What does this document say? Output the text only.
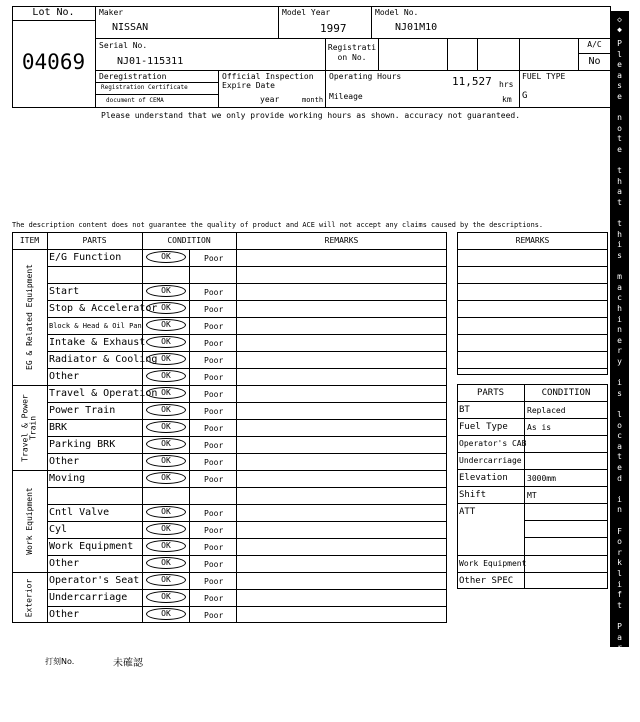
Lot No.
04069
Maker
NISSAN
Model Year
1997
Model No.
NJ01M10
Serial No.
NJ01-115311
Registrati
on No.
A/C
No
Deregistration
Registration Certificate
document of CEMA
Official Inspection
Expire Date
year	month
Operating Hours	11,527 hrs
Mileage	km
FUEL TYPE
G
Please understand that we only provide working hours as shown. accuracy not guaranteed.
The description content does not guarantee the quality of product and ACE will not accept any claims caused by the descriptions.
ITEM	PARTS	CONDITION	REMARKS
EG & Related Equipment
Travel & Power
Train
Work Equipment
Exterior
E/G Function	OK	Poor
Start	OK	Poor
Stop & Accelerator OK	Poor
Block & Head & Oil Pan	OK	Poor
Intake & Exhaust	OK	Poor
Radiator & Cooling OK	Poor
Other	OK	Poor
Travel & Operation OK	Poor
Power Train	OK	Poor
BRK	OK	Poor
Parking BRK	OK	Poor
Other	OK	Poor
Moving	OK	Poor
Cntl Valve	OK	Poor
Cyl	OK	Poor
Work Equipment	OK	Poor
Other	OK	Poor
Operator's Seat	OK	Poor
Undercarriage	OK	Poor
Other	OK	Poor
REMARKS
PARTS	CONDITION
BT	Replaced
Fuel Type As is
Operator's CAB
Undercarriage
Elevation 3000mm
Shift	MT
ATT
Work Equipment
Other SPEC
◇
◆
P
l
e
a
s
e
n
o
t
e
t
h
a
t
t
h
i
s
m
a
c
h
i
n
e
r
y
i
s
l
o
c
a
t
e
d
i
n
F
o
r
k
l
i
f
t
P
a
r
k
i
n
g
◆
◇
打刻No.	未確認
